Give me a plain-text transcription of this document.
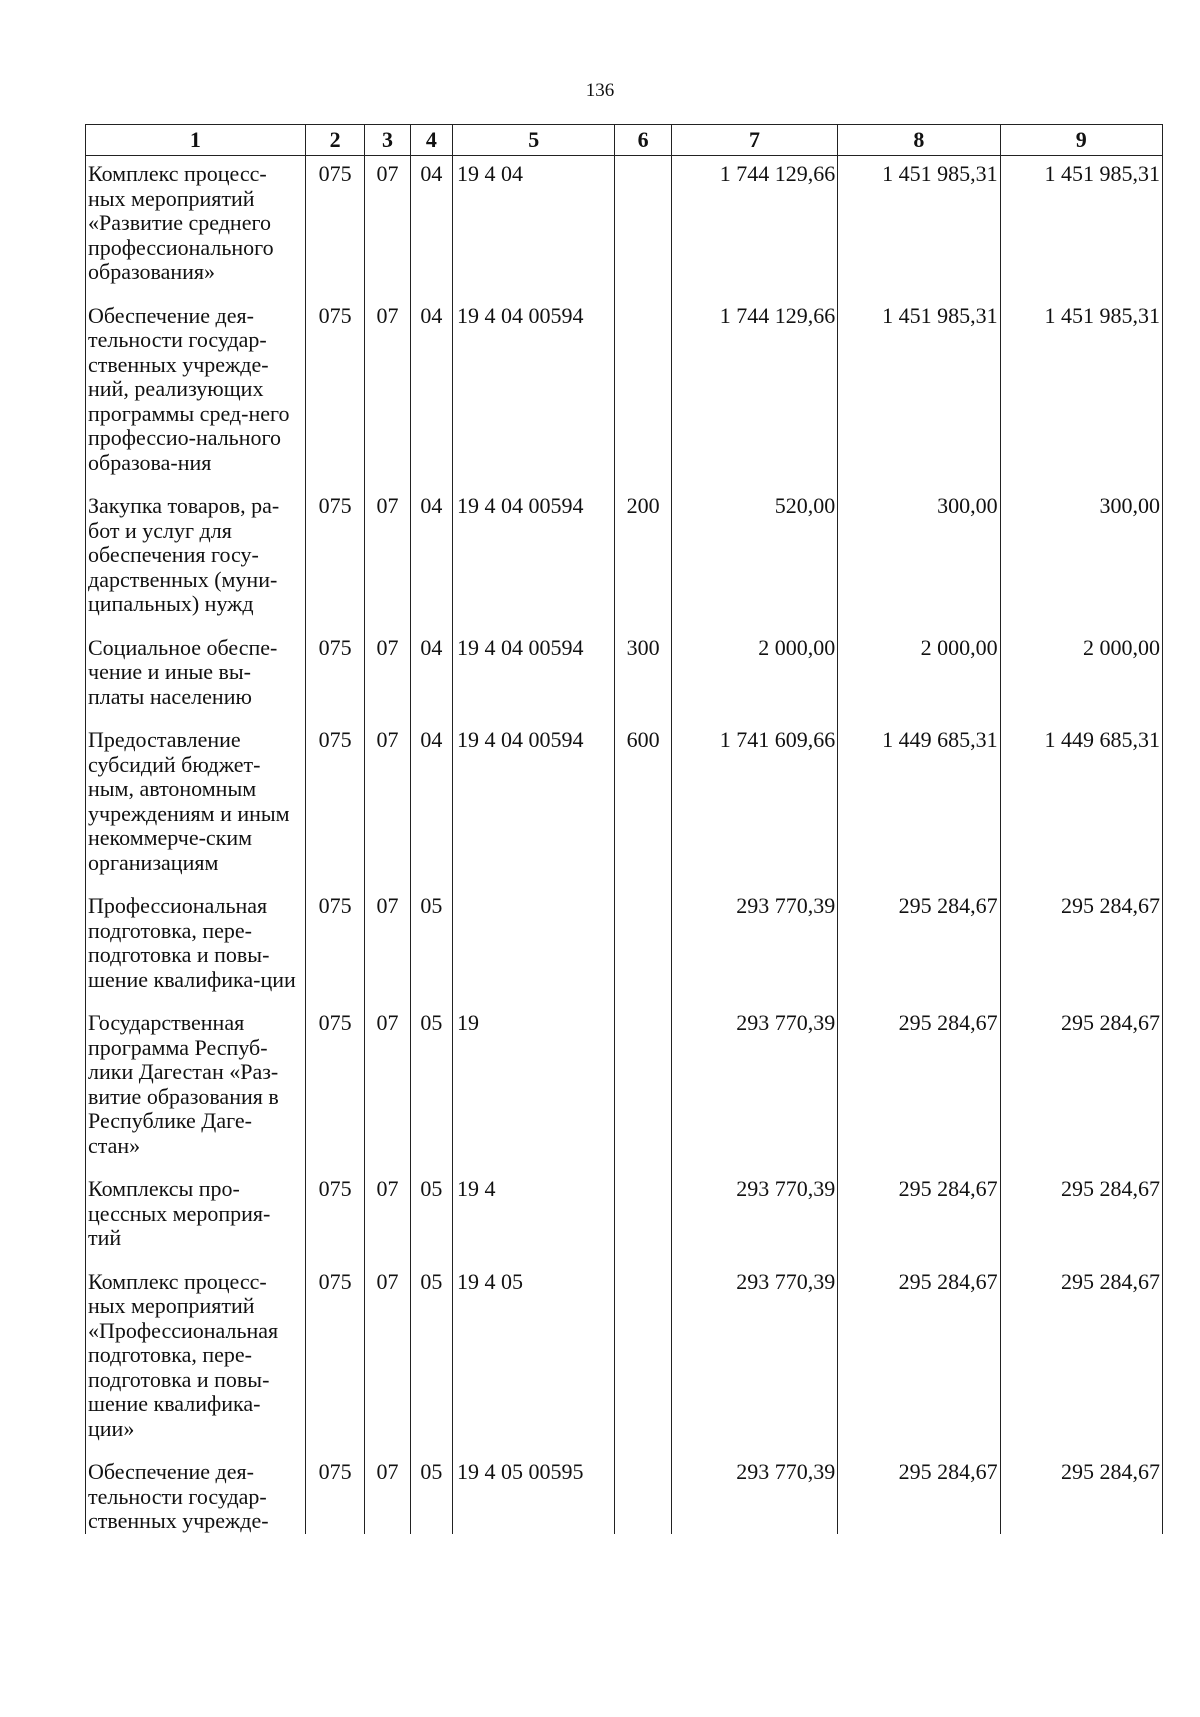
136
1	2	3	4	5	6	7	8	9
Комплекс процесс-ных мероприятий «Развитие среднего профессионального образования»	075	07	04	19 4 04		1 744 129,66	1 451 985,31	1 451 985,31
Обеспечение дея-тельности государ-ственных учрежде-ний, реализующих программы сред-него профессио-нального образова-ния	075	07	04	19 4 04 00594		1 744 129,66	1 451 985,31	1 451 985,31
Закупка товаров, ра-бот и услуг для обеспечения госу-дарственных (муни-ципальных) нужд	075	07	04	19 4 04 00594	200	520,00	300,00	300,00
Социальное обеспе-чение и иные вы-платы населению	075	07	04	19 4 04 00594	300	2 000,00	2 000,00	2 000,00
Предоставление субсидий бюджет-ным, автономным учреждениям и иным некоммерче-ским организациям	075	07	04	19 4 04 00594	600	1 741 609,66	1 449 685,31	1 449 685,31
Профессиональная подготовка, пере-подготовка и повы-шение квалифика-ции	075	07	05			293 770,39	295 284,67	295 284,67
Государственная программа Респуб-лики Дагестан «Раз-витие образования в Республике Даге-стан»	075	07	05	19		293 770,39	295 284,67	295 284,67
Комплексы про-цессных мероприя-тий	075	07	05	19 4		293 770,39	295 284,67	295 284,67
Комплекс процесс-ных мероприятий «Профессиональная подготовка, пере-подготовка и повы-шение квалифика-ции»	075	07	05	19 4 05		293 770,39	295 284,67	295 284,67
Обеспечение дея-тельности государ-ственных учрежде-	075	07	05	19 4 05 00595		293 770,39	295 284,67	295 284,67
